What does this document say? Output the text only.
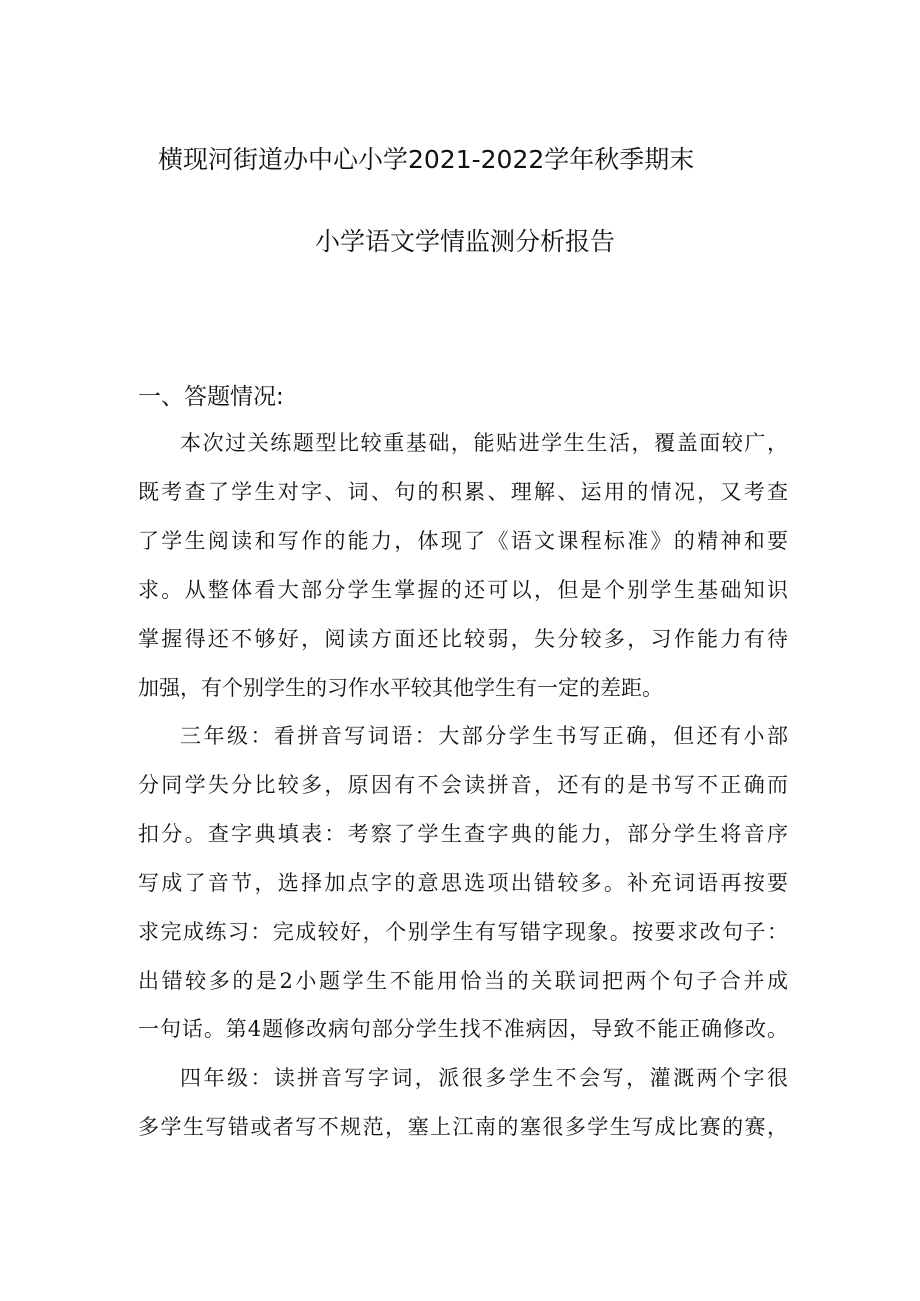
横现河街道办中心小学2021-2022学年秋季期末
小学语文学情监测分析报告
一、答题情况:
本次过关练题型比较重基础，能贴进学生生活，覆盖面较广，
既考查了学生对字、词、句的积累、理解、运用的情况，又考查
了学生阅读和写作的能力，体现了《语文课程标准》的精神和要
求。从整体看大部分学生掌握的还可以，但是个别学生基础知识
掌握得还不够好，阅读方面还比较弱，失分较多，习作能力有待
加强，有个别学生的习作水平较其他学生有一定的差距。
三年级：看拼音写词语：大部分学生书写正确，但还有小部
分同学失分比较多，原因有不会读拼音，还有的是书写不正确而
扣分。查字典填表：考察了学生查字典的能力，部分学生将音序
写成了音节，选择加点字的意思选项出错较多。补充词语再按要
求完成练习：完成较好，个别学生有写错字现象。按要求改句子：
出错较多的是2小题学生不能用恰当的关联词把两个句子合并成
一句话。第4题修改病句部分学生找不准病因，导致不能正确修改。
四年级：读拼音写字词，派很多学生不会写，灌溉两个字很
多学生写错或者写不规范，塞上江南的塞很多学生写成比赛的赛，
